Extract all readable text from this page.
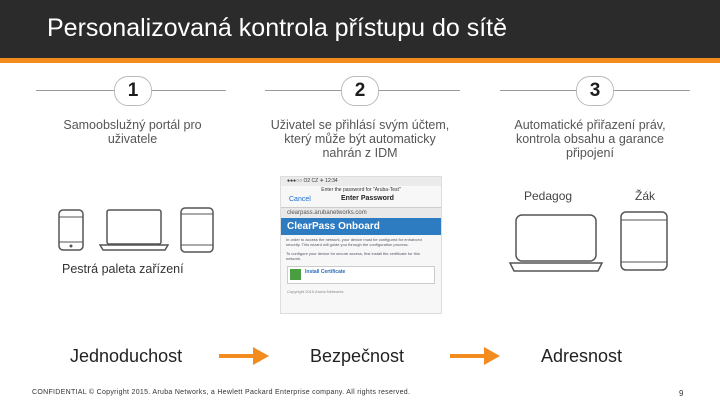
Personalizovaná kontrola přístupu do sítě
1
Samoobslužný portál pro uživatele
2
Uživatel se přihlásí svým účtem, který může být automaticky nahrán z IDM
3
Automatické přiřazení práv, kontrola obsahu a garance připojení
Pestrá paleta zařízení
●●●○○ O2 CZ ✈ 12:34
Enter the password for "Aruba-Test"
Cancel	Enter Password
clearpass.arubanetworks.com
ClearPass Onboard
In order to access the network, your device must be configured for enhanced security. This wizard will guide you through the configuration process.
To configure your device for secure access, first install the certificate for this network.
Install Certificate
Copyright 2015 Aruba Networks
Pedagog	Žák
Jednoduchost	Bezpečnost	Adresnost
CONFIDENTIAL © Copyright 2015. Aruba Networks, a Hewlett Packard Enterprise company. All rights reserved.	9
